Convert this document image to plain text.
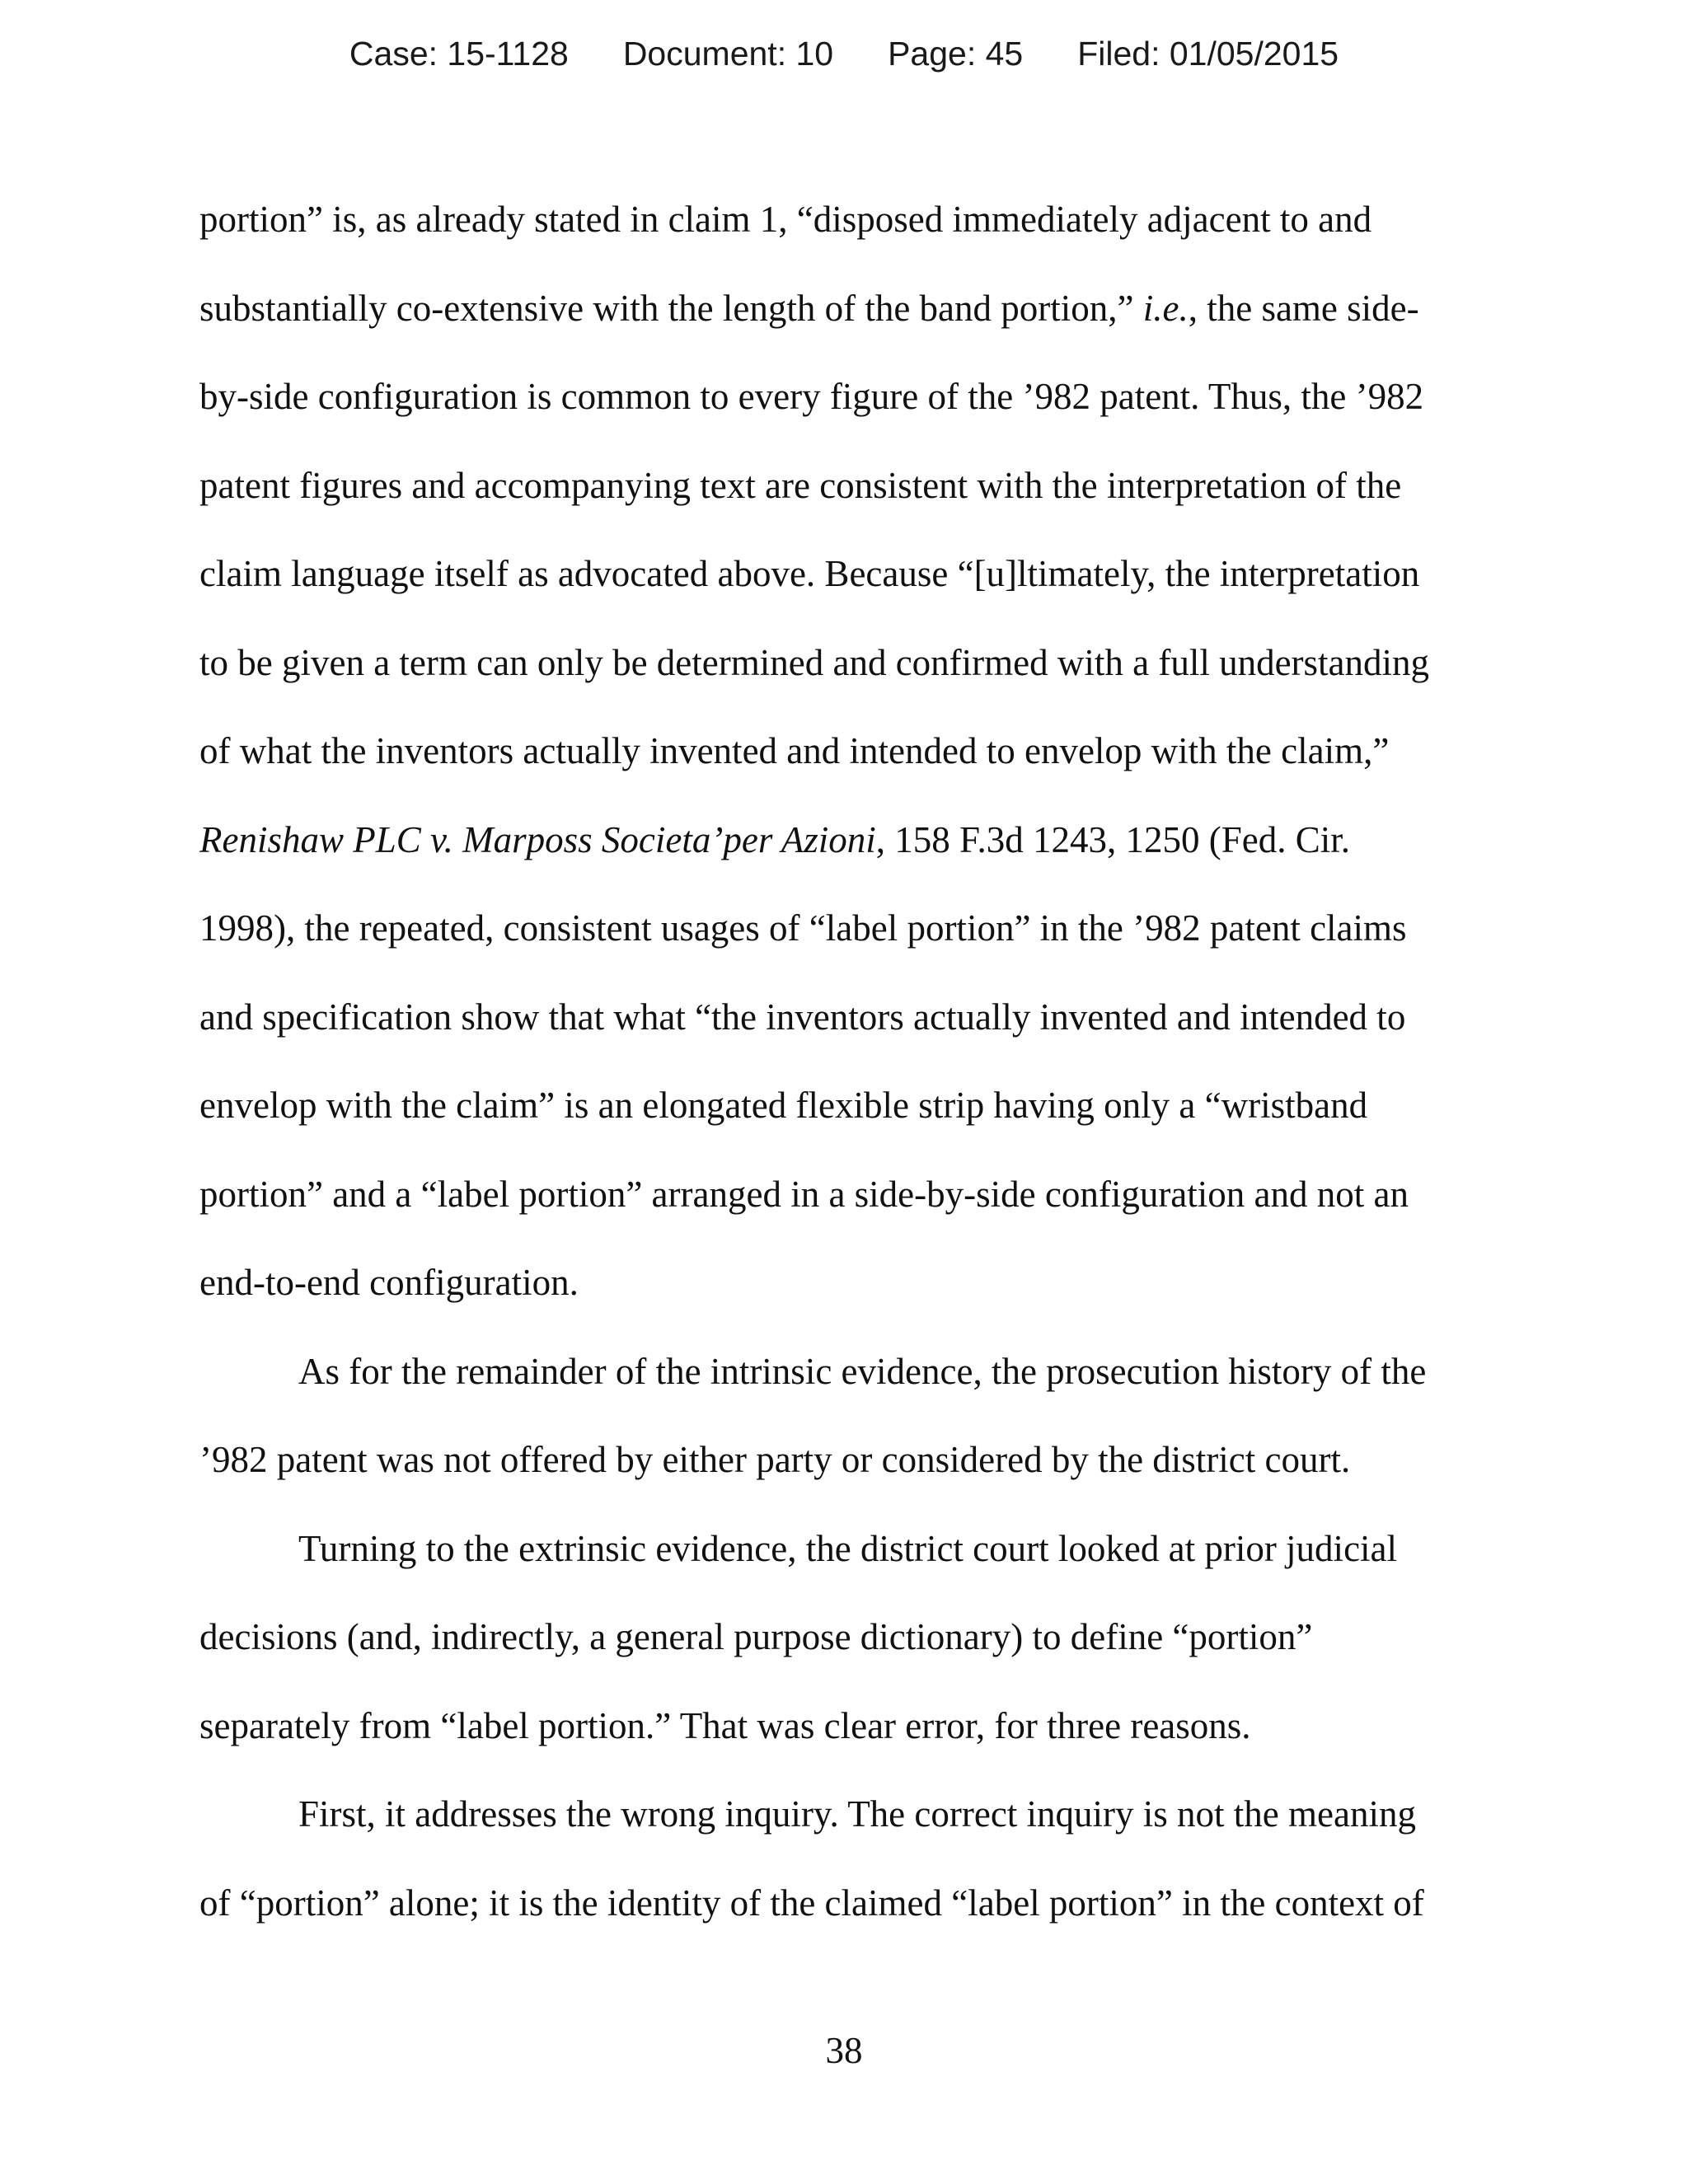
Case: 15-1128 Document: 10 Page: 45 Filed: 01/05/2015
portion” is, as already stated in claim 1, “disposed immediately adjacent to and
substantially co-extensive with the length of the band portion,” i.e., the same side-
by-side configuration is common to every figure of the ’982 patent. Thus, the ’982
patent figures and accompanying text are consistent with the interpretation of the
claim language itself as advocated above. Because “[u]ltimately, the interpretation
to be given a term can only be determined and confirmed with a full understanding
of what the inventors actually invented and intended to envelop with the claim,”
Renishaw PLC v. Marposs Societa’per Azioni, 158 F.3d 1243, 1250 (Fed. Cir.
1998), the repeated, consistent usages of “label portion” in the ’982 patent claims
and specification show that what “the inventors actually invented and intended to
envelop with the claim” is an elongated flexible strip having only a “wristband
portion” and a “label portion” arranged in a side-by-side configuration and not an
end-to-end configuration.
As for the remainder of the intrinsic evidence, the prosecution history of the
’982 patent was not offered by either party or considered by the district court.
Turning to the extrinsic evidence, the district court looked at prior judicial
decisions (and, indirectly, a general purpose dictionary) to define “portion”
separately from “label portion.” That was clear error, for three reasons.
First, it addresses the wrong inquiry. The correct inquiry is not the meaning
of “portion” alone; it is the identity of the claimed “label portion” in the context of
38
